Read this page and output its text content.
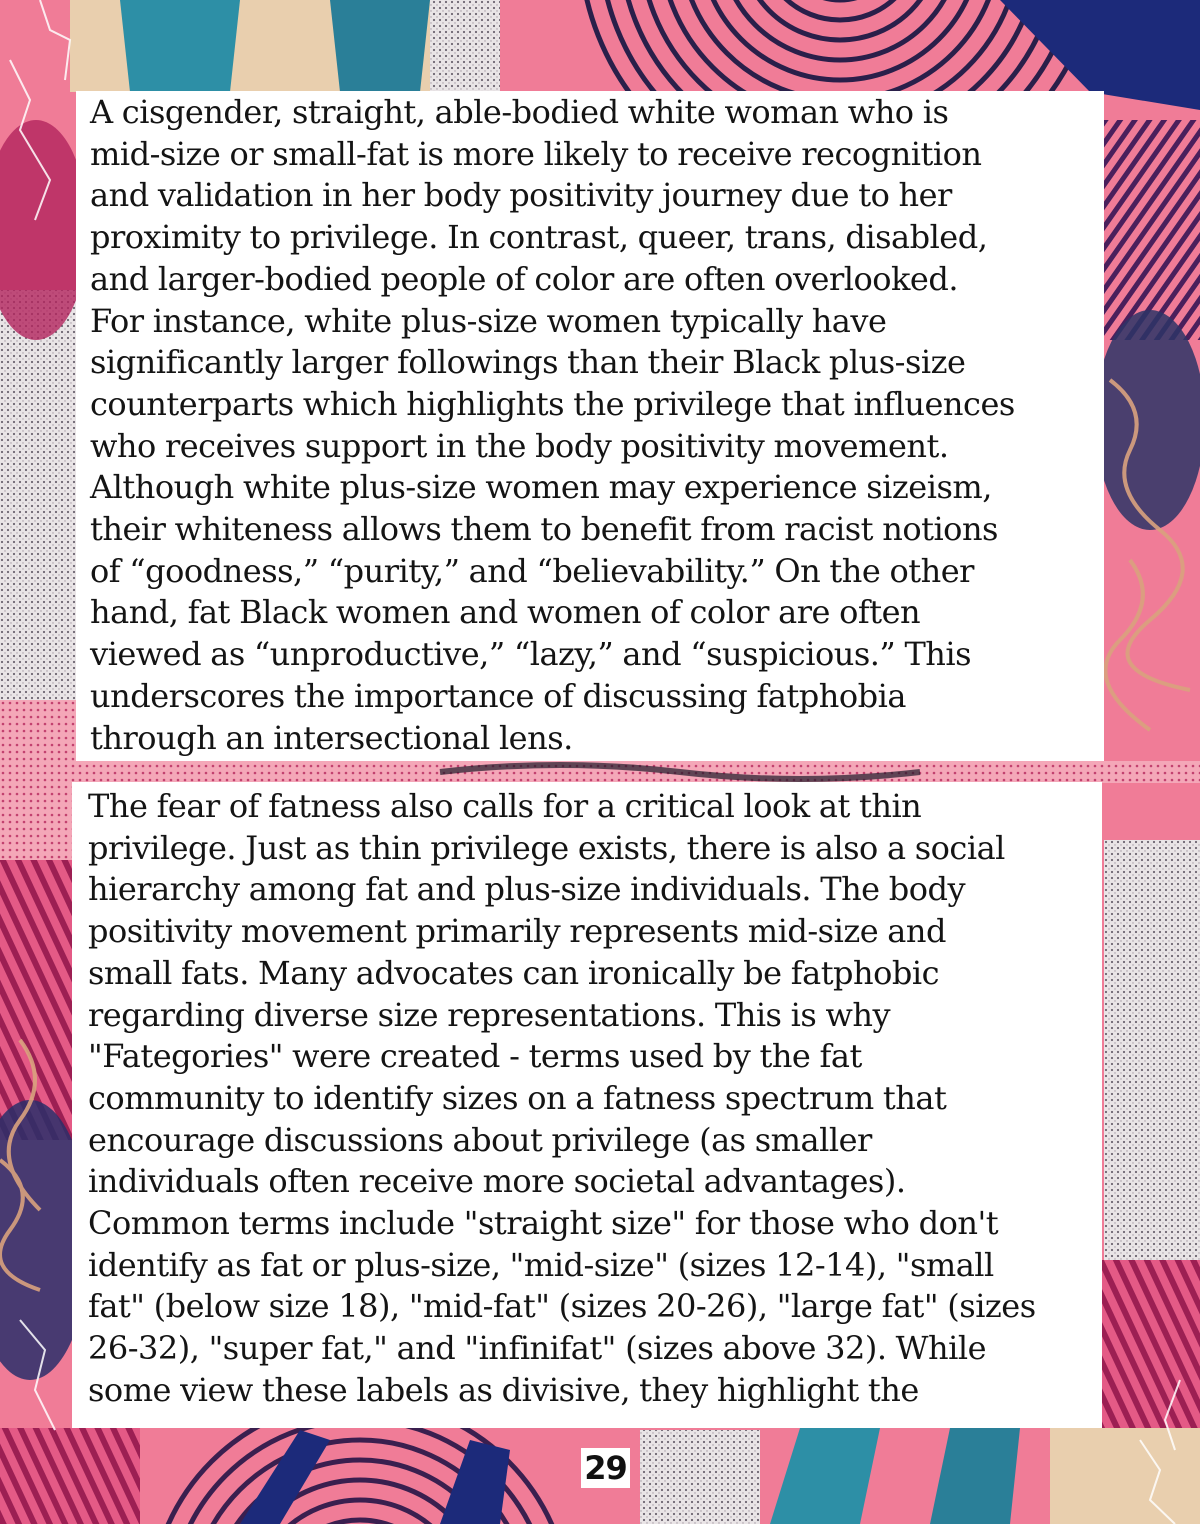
A cisgender, straight, able-bodied white woman who is
mid-size or small-fat is more likely to receive recognition
and validation in her body positivity journey due to her
proximity to privilege. In contrast, queer, trans, disabled,
and larger-bodied people of color are often overlooked.
For instance, white plus-size women typically have
significantly larger followings than their Black plus-size
counterparts which highlights the privilege that influences
who receives support in the body positivity movement.
Although white plus-size women may experience sizeism,
their whiteness allows them to benefit from racist notions
of “goodness,” “purity,” and “believability.” On the other
hand, fat Black women and women of color are often
viewed as “unproductive,” “lazy,” and “suspicious.” This
underscores the importance of discussing fatphobia
through an intersectional lens.

The fear of fatness also calls for a critical look at thin
privilege. Just as thin privilege exists, there is also a social
hierarchy among fat and plus-size individuals. The body
positivity movement primarily represents mid-size and
small fats. Many advocates can ironically be fatphobic
regarding diverse size representations. This is why
"Fategories" were created - terms used by the fat
community to identify sizes on a fatness spectrum that
encourage discussions about privilege (as smaller
individuals often receive more societal advantages).
Common terms include "straight size" for those who don't
identify as fat or plus-size, "mid-size" (sizes 12-14), "small
fat" (below size 18), "mid-fat" (sizes 20-26), "large fat" (sizes
26-32), "super fat," and "infinifat" (sizes above 32). While
some view these labels as divisive, they highlight the

29
